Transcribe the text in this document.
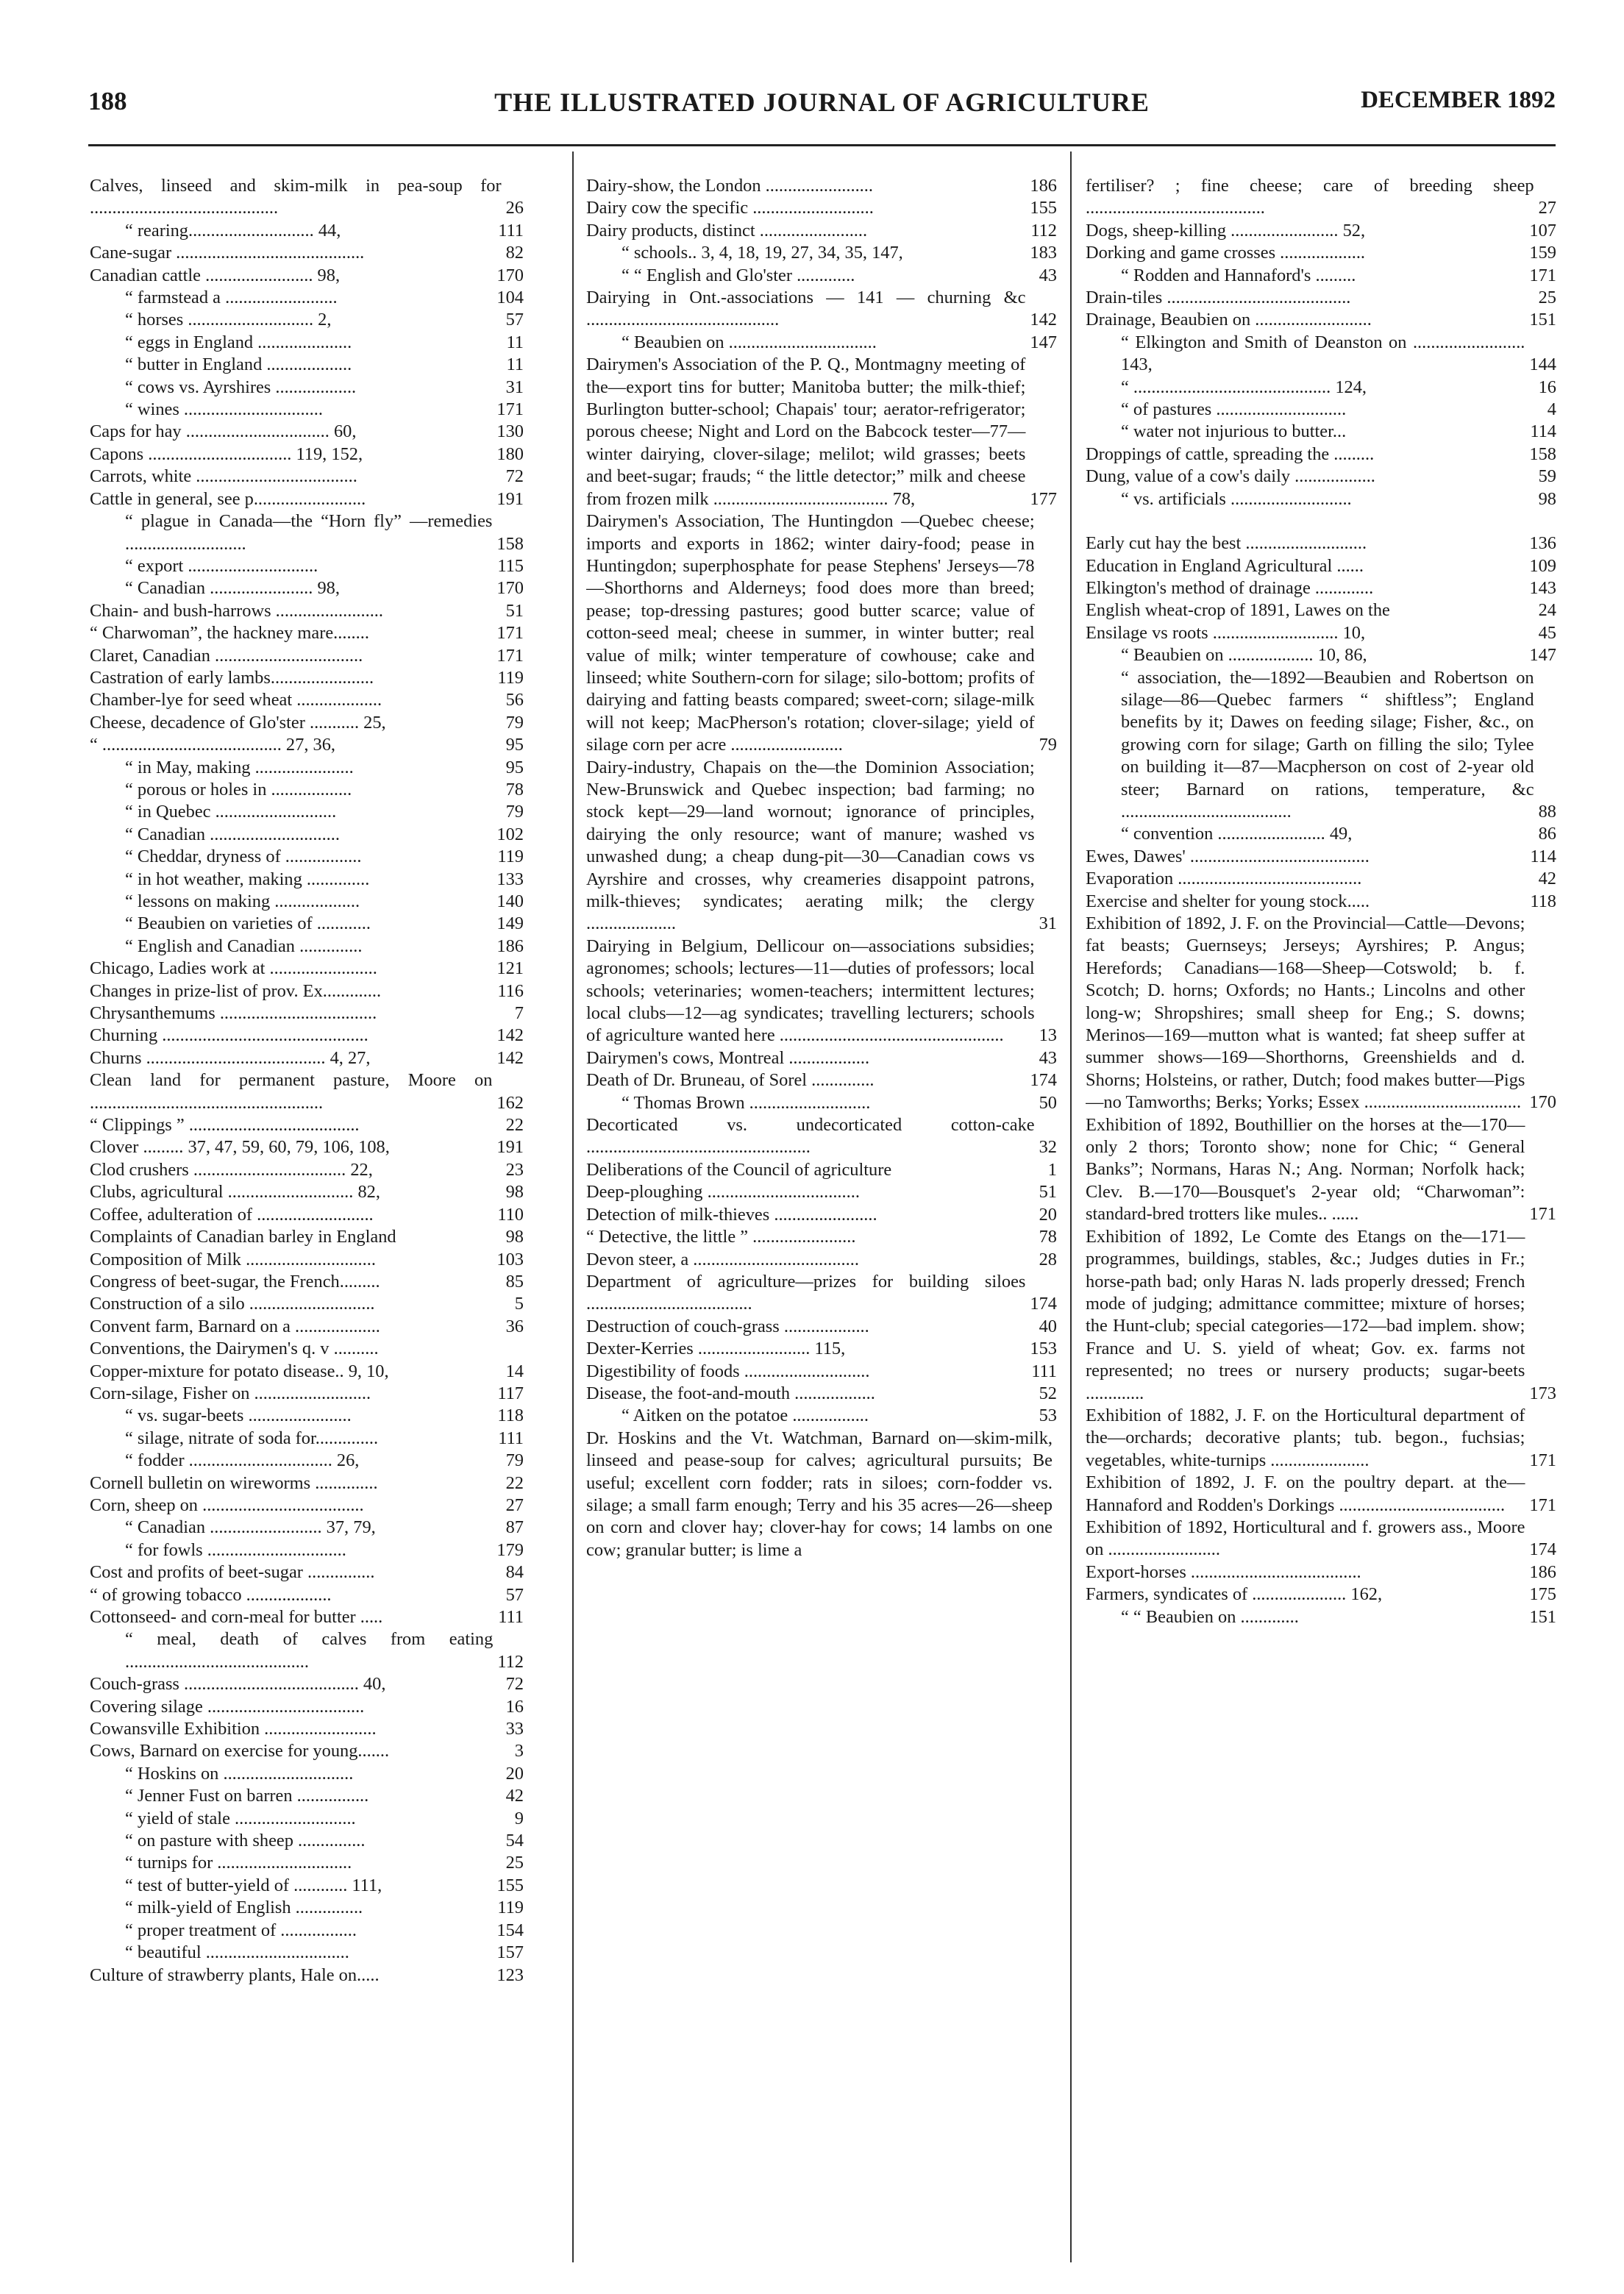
188	THE ILLUSTRATED JOURNAL OF AGRICULTURE	DECEMBER 1892
Calves, linseed and skim-milk in pea-soup for ..........................................	26
“ rearing............................ 44,	111
Cane-sugar ..........................................	82
Canadian cattle ........................ 98,	170
“ farmstead a .........................	104
“ horses ............................ 2,	57
“ eggs in England .....................	11
“ butter in England ...................	11
“ cows vs. Ayrshires ..................	31
“ wines ...............................	171
Caps for hay ................................ 60,	130
Capons ................................ 119, 152,	180
Carrots, white ....................................	72
Cattle in general, see p.........................	191
“ plague in Canada—the “Horn fly” —remedies ...........................	158
“ export .............................	115
“ Canadian ....................... 98,	170
Chain- and bush-harrows ........................	51
“ Charwoman”, the hackney mare........	171
Claret, Canadian .................................	171
Castration of early lambs.......................	119
Chamber-lye for seed wheat ...................	56
Cheese, decadence of Glo'ster ........... 25,	79
“ ........................................ 27, 36,	95
“ in May, making ......................	95
“ porous or holes in ..................	78
“ in Quebec ...........................	79
“ Canadian .............................	102
“ Cheddar, dryness of .................	119
“ in hot weather, making ..............	133
“ lessons on making ...................	140
“ Beaubien on varieties of ............	149
“ English and Canadian ..............	186
Chicago, Ladies work at ........................	121
Changes in prize-list of prov. Ex.............	116
Chrysanthemums ...................................	7
Churning ..............................................	142
Churns ........................................ 4, 27,	142
Clean land for permanent pasture, Moore on ....................................................	162
“ Clippings ” ......................................	22
Clover ......... 37, 47, 59, 60, 79, 106, 108,	191
Clod crushers .................................. 22,	23
Clubs, agricultural ............................ 82,	98
Coffee, adulteration of ..........................	110
Complaints of Canadian barley in England	98
Composition of Milk .............................	103
Congress of beet-sugar, the French.........	85
Construction of a silo ............................	5
Convent farm, Barnard on a ...................	36
Conventions, the Dairymen's q. v ..........
Copper-mixture for potato disease.. 9, 10,	14
Corn-silage, Fisher on ..........................	117
“ vs. sugar-beets .......................	118
“ silage, nitrate of soda for..............	111
“ fodder ................................ 26,	79
Cornell bulletin on wireworms ..............	22
Corn, sheep on ....................................	27
“ Canadian ......................... 37, 79,	87
“ for fowls ...............................	179
Cost and profits of beet-sugar ...............	84
“ of growing tobacco ...................	57
Cottonseed- and corn-meal for butter .....	111
“ meal, death of calves from eating .........................................	112
Couch-grass ....................................... 40,	72
Covering silage ...................................	16
Cowansville Exhibition .........................	33
Cows, Barnard on exercise for young.......	3
“ Hoskins on .............................	20
“ Jenner Fust on barren ................	42
“ yield of stale ...........................	9
“ on pasture with sheep ...............	54
“ turnips for ..............................	25
“ test of butter-yield of ............ 111,	155
“ milk-yield of English ...............	119
“ proper treatment of .................	154
“ beautiful ................................	157
Culture of strawberry plants, Hale on.....	123
Dairy-show, the London ........................	186
Dairy cow the specific ...........................	155
Dairy products, distinct ........................	112
“ schools.. 3, 4, 18, 19, 27, 34, 35, 147,	183
“ “ English and Glo'ster .............	43
Dairying in Ont.-associations — 141 — churning &c ...........................................	142
“ Beaubien on .................................	147
Dairymen's Association of the P. Q., Montmagny meeting of the—export tins for butter; Manitoba butter; the milk-thief; Burlington butter-school; Chapais' tour; aerator-refrigerator; porous cheese; Night and Lord on the Babcock tester—77—winter dairying, clover-silage; melilot; wild grasses; beets and beet-sugar; frauds; “ the little detector;” milk and cheese from frozen milk ....................................... 78,	177
Dairymen's Association, The Huntingdon —Quebec cheese; imports and exports in 1862; winter dairy-food; pease in Huntingdon; superphosphate for pease Stephens' Jerseys—78—Shorthorns and Alderneys; food does more than breed; pease; top-dressing pastures; good butter scarce; value of cotton-seed meal; cheese in summer, in winter butter; real value of milk; winter temperature of cowhouse; cake and linseed; white Southern-corn for silage; silo-bottom; profits of dairying and fatting beasts compared; sweet-corn; silage-milk will not keep; MacPherson's rotation; clover-silage; yield of silage corn per acre .........................	79
Dairy-industry, Chapais on the—the Dominion Association; New-Brunswick and Quebec inspection; bad farming; no stock kept—29—land wornout; ignorance of principles, dairying the only resource; want of manure; washed vs unwashed dung; a cheap dung-pit—30—Canadian cows vs Ayrshire and crosses, why creameries disappoint patrons, milk-thieves; syndicates; aerating milk; the clergy ....................	31
Dairying in Belgium, Dellicour on—associations subsidies; agronomes; schools; lectures—11—duties of professors; local schools; veterinaries; women-teachers; intermittent lectures; local clubs—12—ag syndicates; travelling lecturers; schools of agriculture wanted here ..................................................	13
Dairymen's cows, Montreal ..................	43
Death of Dr. Bruneau, of Sorel ..............	174
“ Thomas Brown ...........................	50
Decorticated vs. undecorticated cotton-cake ..................................................	32
Deliberations of the Council of agriculture	1
Deep-ploughing ..................................	51
Detection of milk-thieves .......................	20
“ Detective, the little ” .......................	78
Devon steer, a .....................................	28
Department of agriculture—prizes for building siloes .....................................	174
Destruction of couch-grass ...................	40
Dexter-Kerries ......................... 115,	153
Digestibility of foods ............................	111
Disease, the foot-and-mouth ..................	52
“ Aitken on the potatoe .................	53
Dr. Hoskins and the Vt. Watchman, Barnard on—skim-milk, linseed and pease-soup for calves; agricultural pursuits; Be useful; excellent corn fodder; rats in siloes; corn-fodder vs. silage; a small farm enough; Terry and his 35 acres—26—sheep on corn and clover hay; clover-hay for cows; 14 lambs on one cow; granular butter; is lime a
fertiliser? ; fine cheese; care of breeding sheep ........................................	27
Dogs, sheep-killing ........................ 52,	107
Dorking and game crosses ...................	159
“ Rodden and Hannaford's .........	171
Drain-tiles .........................................	25
Drainage, Beaubien on ..........................	151
“ Elkington and Smith of Deanston on ......................... 143,	144
“ ............................................ 124,	16
“ of pastures .............................	4
“ water not injurious to butter...	114
Droppings of cattle, spreading the .........	158
Dung, value of a cow's daily ..................	59
“ vs. artificials ...........................	98
Early cut hay the best ...........................	136
Education in England Agricultural ......	109
Elkington's method of drainage .............	143
English wheat-crop of 1891, Lawes on the	24
Ensilage vs roots ............................ 10,	45
“ Beaubien on ................... 10, 86,	147
“ association, the—1892—Beaubien and Robertson on silage—86—Quebec farmers “ shiftless”; England benefits by it; Dawes on feeding silage; Fisher, &c., on growing corn for silage; Garth on filling the silo; Tylee on building it—87—Macpherson on cost of 2-year old steer; Barnard on rations, temperature, &c ......................................	88
“ convention ........................ 49,	86
Ewes, Dawes' ........................................	114
Evaporation .........................................	42
Exercise and shelter for young stock.....	118
Exhibition of 1892, J. F. on the Provincial—Cattle—Devons; fat beasts; Guernseys; Jerseys; Ayrshires; P. Angus; Herefords; Canadians—168—Sheep—Cotswold; b. f. Scotch; D. horns; Oxfords; no Hants.; Lincolns and other long-w; Shropshires; small sheep for Eng.; S. downs; Merinos—169—mutton what is wanted; fat sheep suffer at summer shows—169—Shorthorns, Greenshields and d. Shorns; Holsteins, or rather, Dutch; food makes butter—Pigs—no Tamworths; Berks; Yorks; Essex ................................... 170
Exhibition of 1892, Bouthillier on the horses at the—170—only 2 thors; Toronto show; none for Chic; “ General Banks”; Normans, Haras N.; Ang. Norman; Norfolk hack; Clev. B.—170—Bousquet's 2-year old; “Charwoman”: standard-bred trotters like mules.. ......	171
Exhibition of 1892, Le Comte des Etangs on the—171—programmes, buildings, stables, &c.; Judges duties in Fr.; horse-path bad; only Haras N. lads properly dressed; French mode of judging; admittance committee; mixture of horses; the Hunt-club; special categories—172—bad implem. show; France and U. S. yield of wheat; Gov. ex. farms not represented; no trees or nursery products; sugar-beets .............	173
Exhibition of 1882, J. F. on the Horticultural department of the—orchards; decorative plants; tub. begon., fuchsias; vegetables, white-turnips ......................	171
Exhibition of 1892, J. F. on the poultry depart. at the—Hannaford and Rodden's Dorkings .....................................	171
Exhibition of 1892, Horticultural and f. growers ass., Moore on .........................	174
Export-horses ......................................	186
Farmers, syndicates of ..................... 162,	175
“ “ Beaubien on .............	151
